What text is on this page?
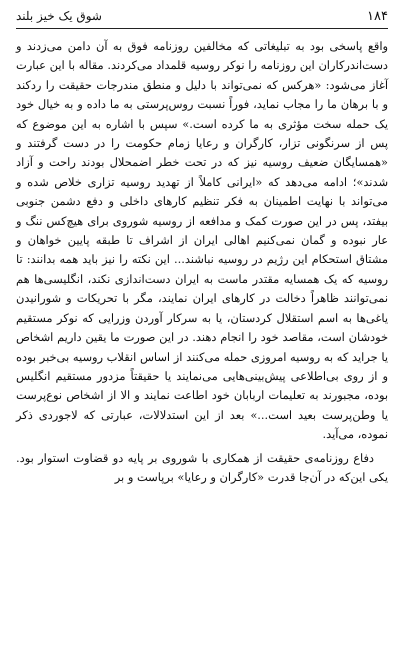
۱۸۴
شوق یک خیز بلند

واقع پاسخی بود به تبلیغاتی که مخالفین روزنامه فوق به آن دامن می‌زدند و دست‌اندرکاران این روزنامه را نوکر روسیه قلمداد می‌کردند. مقاله با این عبارت آغاز می‌شود: «هرکس که نمی‌تواند با دلیل و منطق مندرجات حقیقت را ردکند و با برهان ما را مجاب نماید، فوراً نسبت روس‌پرستی به ما داده و به خیال خود یک حمله سخت مؤثری به ما کرده است.» سپس با اشاره به این موضوع که پس از سرنگونی تزار، کارگران و رعایا زمام حکومت را در دست گرفتند و «همسایگان ضعیف روسیه نیز که در تحت خطر اضمحلال بودند راحت و آزاد شدند»؛ ادامه می‌دهد که «ایرانی کاملاً از تهدید روسیه تزاری خلاص شده و می‌تواند با نهایت اطمینان به فکر تنظیم کارهای داخلی و دفع دشمن جنوبی بیفتد، پس در این صورت کمک و مدافعه از روسیه شوروی برای هیچ‌کس ننگ و عار نبوده و گمان نمی‌کنیم اهالی ایران از اشراف تا طبقه پایین خواهان و مشتاق استحکام این رژیم در روسیه نباشند... این نکته را نیز باید همه بدانند: تا روسیه که یک همسایه مقتدر ماست به ایران دست‌اندازی نکند، انگلیسی‌ها هم نمی‌توانند ظاهراً دخالت در کارهای ایران نمایند، مگر با تحریکات و شورانیدن یاغی‌ها به اسم استقلال کردستان، یا به سرکار آوردن وزرایی که نوکر مستقیم خودشان است، مقاصد خود را انجام دهند. در این صورت ما یقین داریم اشخاص یا جراید که به روسیه امروزی حمله می‌کنند از اساس انقلاب روسیه بی‌خبر بوده و از روی بی‌اطلاعی پیش‌بینی‌هایی می‌نمایند یا حقیقتاً مزدور مستقیم انگلیس بوده، مجبورند به تعلیمات اربابان خود اطاعت نمایند و الا از اشخاص نوع‌پرست یا وطن‌پرست بعید است...» بعد از این استدلالات، عبارتی که لاجوردی ذکر نموده، می‌آید.

دفاع روزنامه‌ی حقیقت از همکاری با شوروی بر پایه دو قضاوت استوار بود. یکی این‌که در آن‌جا قدرت «کارگران و رعایا» برپاست و بر
